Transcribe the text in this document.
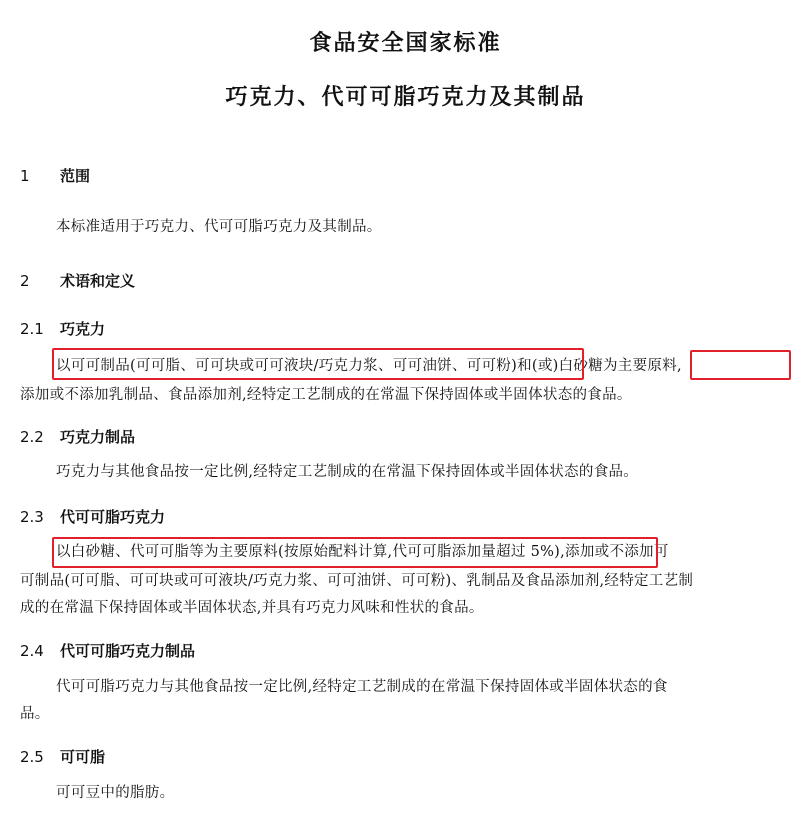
食品安全国家标准
巧克力、代可可脂巧克力及其制品
1 范围

本标准适用于巧克力、代可可脂巧克力及其制品。

2 术语和定义
2.1 巧克力

以可可制品(可可脂、可可块或可可液块/巧克力浆、可可油饼、可可粉)和(或)白砂糖为主要原料,

添加或不添加乳制品、食品添加剂,经特定工艺制成的在常温下保持固体或半固体状态的食品。

2.2 巧克力制品

巧克力与其他食品按一定比例,经特定工艺制成的在常温下保持固体或半固体状态的食品。

2.3 代可可脂巧克力

以白砂糖、代可可脂等为主要原料(按原始配料计算,代可可脂添加量超过 5%),添加或不添加可

可制品(可可脂、可可块或可可液块/巧克力浆、可可油饼、可可粉)、乳制品及食品添加剂,经特定工艺制

成的在常温下保持固体或半固体状态,并具有巧克力风味和性状的食品。

2.4 代可可脂巧克力制品

代可可脂巧克力与其他食品按一定比例,经特定工艺制成的在常温下保持固体或半固体状态的食

品。

2.5 可可脂

可可豆中的脂肪。
